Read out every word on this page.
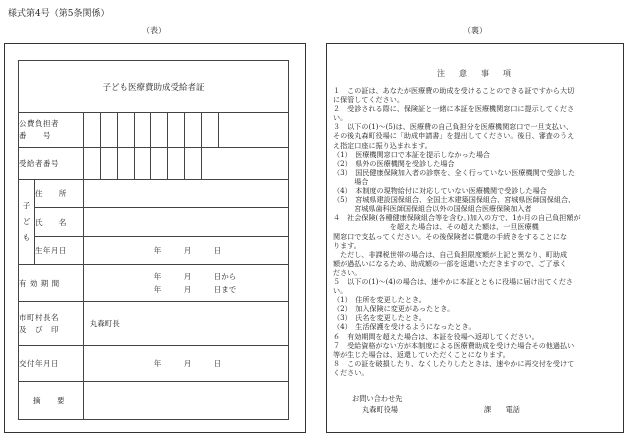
様式第4号（第5条関係）
（表）	（裏）
子ども医療費助成受給者証										
公費負担者
番　　号										
受給者番号										
子
ど
も	住　　所									
	氏　　名									
	生年月日	年　　　月　　　日								
有 効 期 間		年　　　月　　　日から
年　　　月　　　日まで								

市町村長名
及　び　印		丸森町長								
交付年月日		年　　　月　　　日								
摘　　要										
注　意　事　項
１　この証は、あなたが医療費の助成を受けることのできる証ですから大切
に保管してください。
２　受診される際に、保険証と一緒に本証を医療機関窓口に提示してくださ
い。
３　以下の(1)～(5)は、医療費の自己負担分を医療機関窓口で一旦支払い、
その後丸森町役場に「助成申請書」を提出してください。後日、審査のうえ
え指定口座に振り込まれます。
（1）　医療機関窓口で本証を提示しなかった場合
（2）　県外の医療機関を受診した場合
（3）　国民健康保険加入者の診察を、全く行っていない医療機関で受診した
　　　場合
（4）　本制度の現物給付に対応していない医療機関で受診した場合
（5）　宮城県建設国保組合、全国土木建築国保組合、宮城県医師国保組合、
　　　宮城県歯科医師国保組合以外の国保組合医療保険加入者
４　社会保険(各種健康保険組合等を含む。)加入の方で、1か月の自己負担額が
　　　　　　　　を超えた場合は、その超えた額は、一旦医療機
関窓口で支払ってください。その後保険者に償還の手続きをすることにな
ります。
　ただし、非課税世帯の場合は、自己負担限度額が上記と異なり、町助成
額が過払いになるため、助成額の一部を返還いただきますので、ご了承く
ださい。
５　以下の(1)～(4)の場合は、速やかに本証とともに役場に届け出てくださ
い。
（1）　住所を変更したとき。
（2）　加入保険に変更があったとき。
（3）　氏名を変更したとき。
（4）　生活保護を受けるようになったとき。
６　有効期間を超えた場合は、本証を役場へ返却してください。
７　受給資格がない方が本制度による医療費助成を受けた場合その他過払い
等が生じた場合は、返還していただくことになります。
８　この証を破損したり、なくしたりしたときは、速やかに再交付を受けて
ください。
お問い合わせ先
丸森町役場	課　　電話
